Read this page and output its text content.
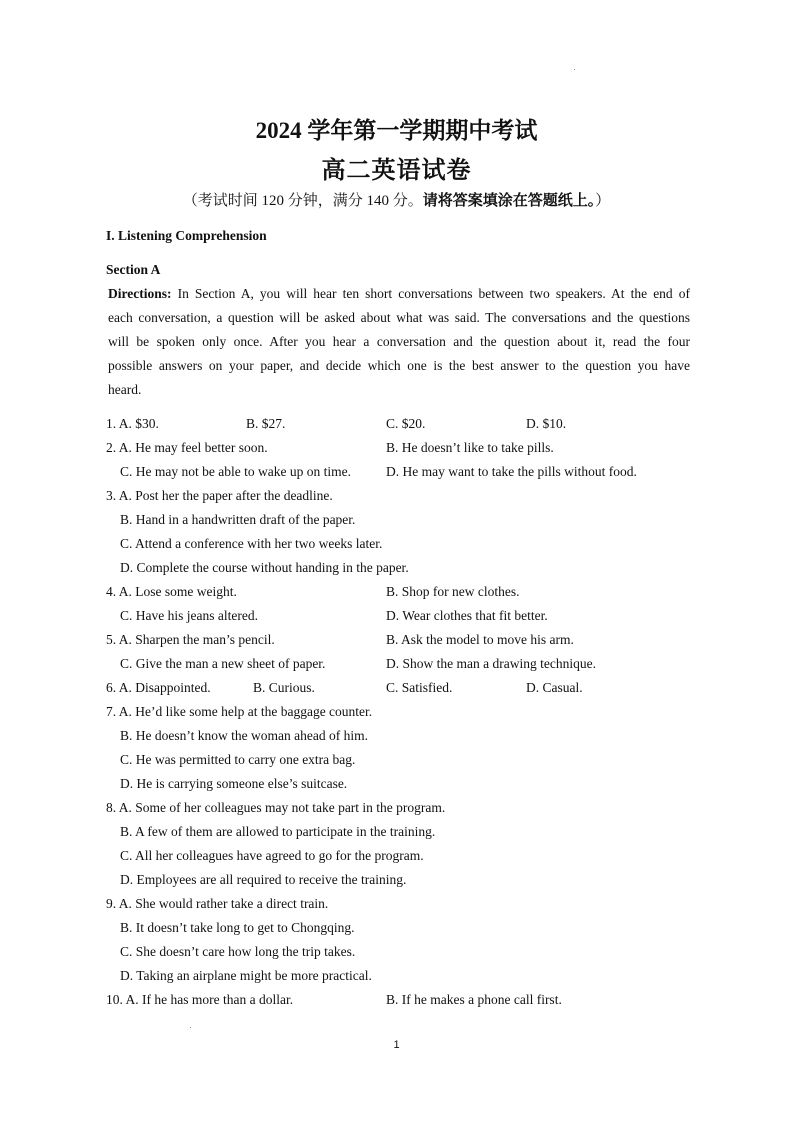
2024 学年第一学期期中考试
高二英语试卷
（考试时间 120 分钟，满分 140 分。请将答案填涂在答题纸上。）
I. Listening Comprehension
Section A
Directions: In Section A, you will hear ten short conversations between two speakers. At the end of
each conversation, a question will be asked about what was said. The conversations and the questions
will be spoken only once. After you hear a conversation and the question about it, read the four
possible answers on your paper, and decide which one is the best answer to the question you have
heard.
1. A. $30.	B. $27.	C. $20.	D. $10.
2. A. He may feel better soon.	B. He doesn’t like to take pills.
C. He may not be able to wake up on time.	D. He may want to take the pills without food.
3. A. Post her the paper after the deadline.
B. Hand in a handwritten draft of the paper.
C. Attend a conference with her two weeks later.
D. Complete the course without handing in the paper.
4. A. Lose some weight.	B. Shop for new clothes.
C. Have his jeans altered.	D. Wear clothes that fit better.
5. A. Sharpen the man’s pencil.	B. Ask the model to move his arm.
C. Give the man a new sheet of paper.	D. Show the man a drawing technique.
6. A. Disappointed.	B. Curious.	C. Satisfied.	D. Casual.
7. A. He’d like some help at the baggage counter.
B. He doesn’t know the woman ahead of him.
C. He was permitted to carry one extra bag.
D. He is carrying someone else’s suitcase.
8. A. Some of her colleagues may not take part in the program.
B. A few of them are allowed to participate in the training.
C. All her colleagues have agreed to go for the program.
D. Employees are all required to receive the training.
9. A. She would rather take a direct train.
B. It doesn’t take long to get to Chongqing.
C. She doesn’t care how long the trip takes.
D. Taking an airplane might be more practical.
10. A. If he has more than a dollar.	B. If he makes a phone call first.
1
